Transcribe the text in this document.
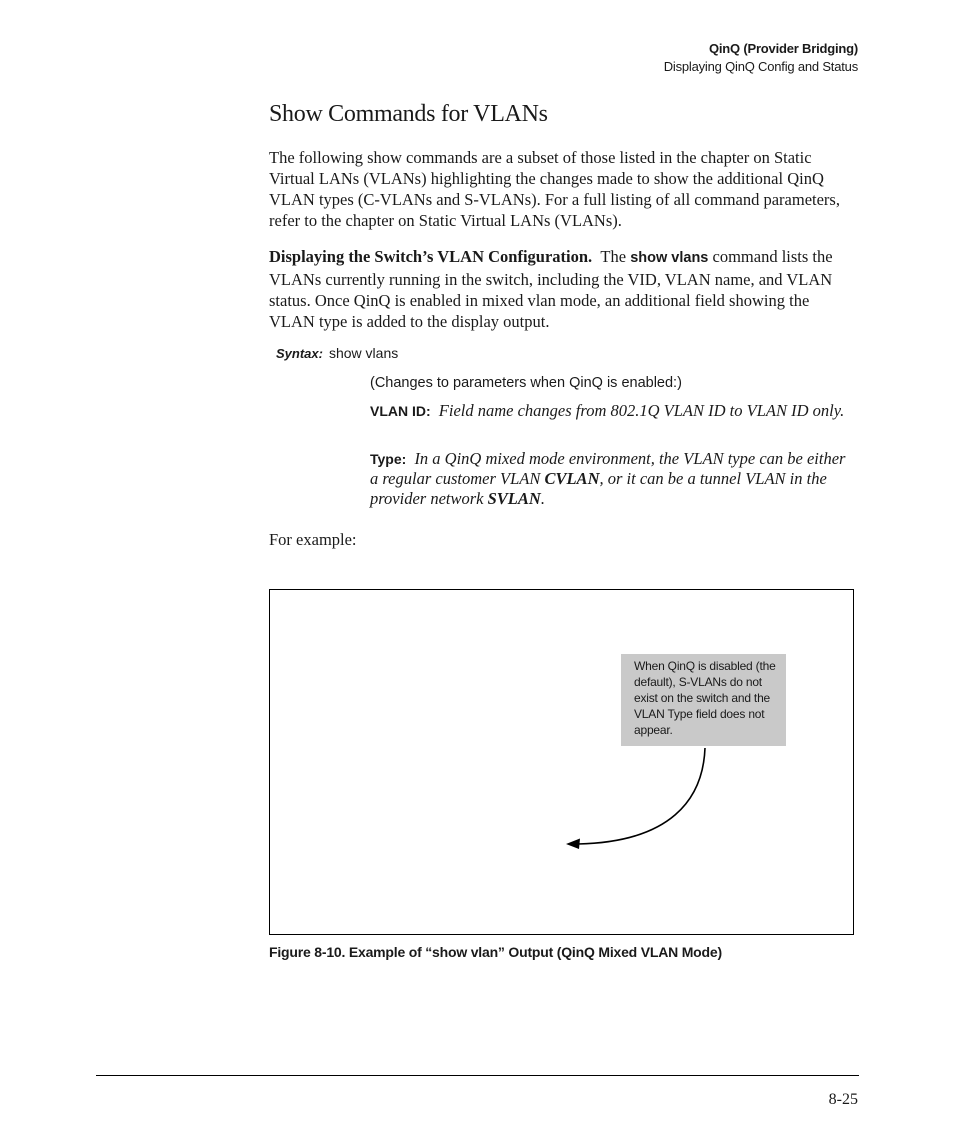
QinQ (Provider Bridging)
Displaying QinQ Config and Status
Show Commands for VLANs

The following show commands are a subset of those listed in the chapter on Static Virtual LANs (VLANs) highlighting the changes made to show the additional QinQ VLAN types (C-VLANs and S-VLANs). For a full listing of all command parameters, refer to the chapter on Static Virtual LANs (VLANs).

Displaying the Switch’s VLAN Configuration. The show vlans command lists the VLANs currently running in the switch, including the VID, VLAN name, and VLAN status. Once QinQ is enabled in mixed vlan mode, an additional field showing the VLAN type is added to the display output.

Syntax: show vlans
(Changes to parameters when QinQ is enabled:)
VLAN ID: Field name changes from 802.1Q VLAN ID to VLAN ID only.
Type: In a QinQ mixed mode environment, the VLAN type can be either a regular customer VLAN CVLAN, or it can be a tunnel VLAN in the provider network SVLAN.
For example:
When QinQ is disabled (the default), S-VLANs do not exist on the switch and the VLAN Type field does not appear.
Figure 8-10. Example of “show vlan” Output (QinQ Mixed VLAN Mode)
8-25
